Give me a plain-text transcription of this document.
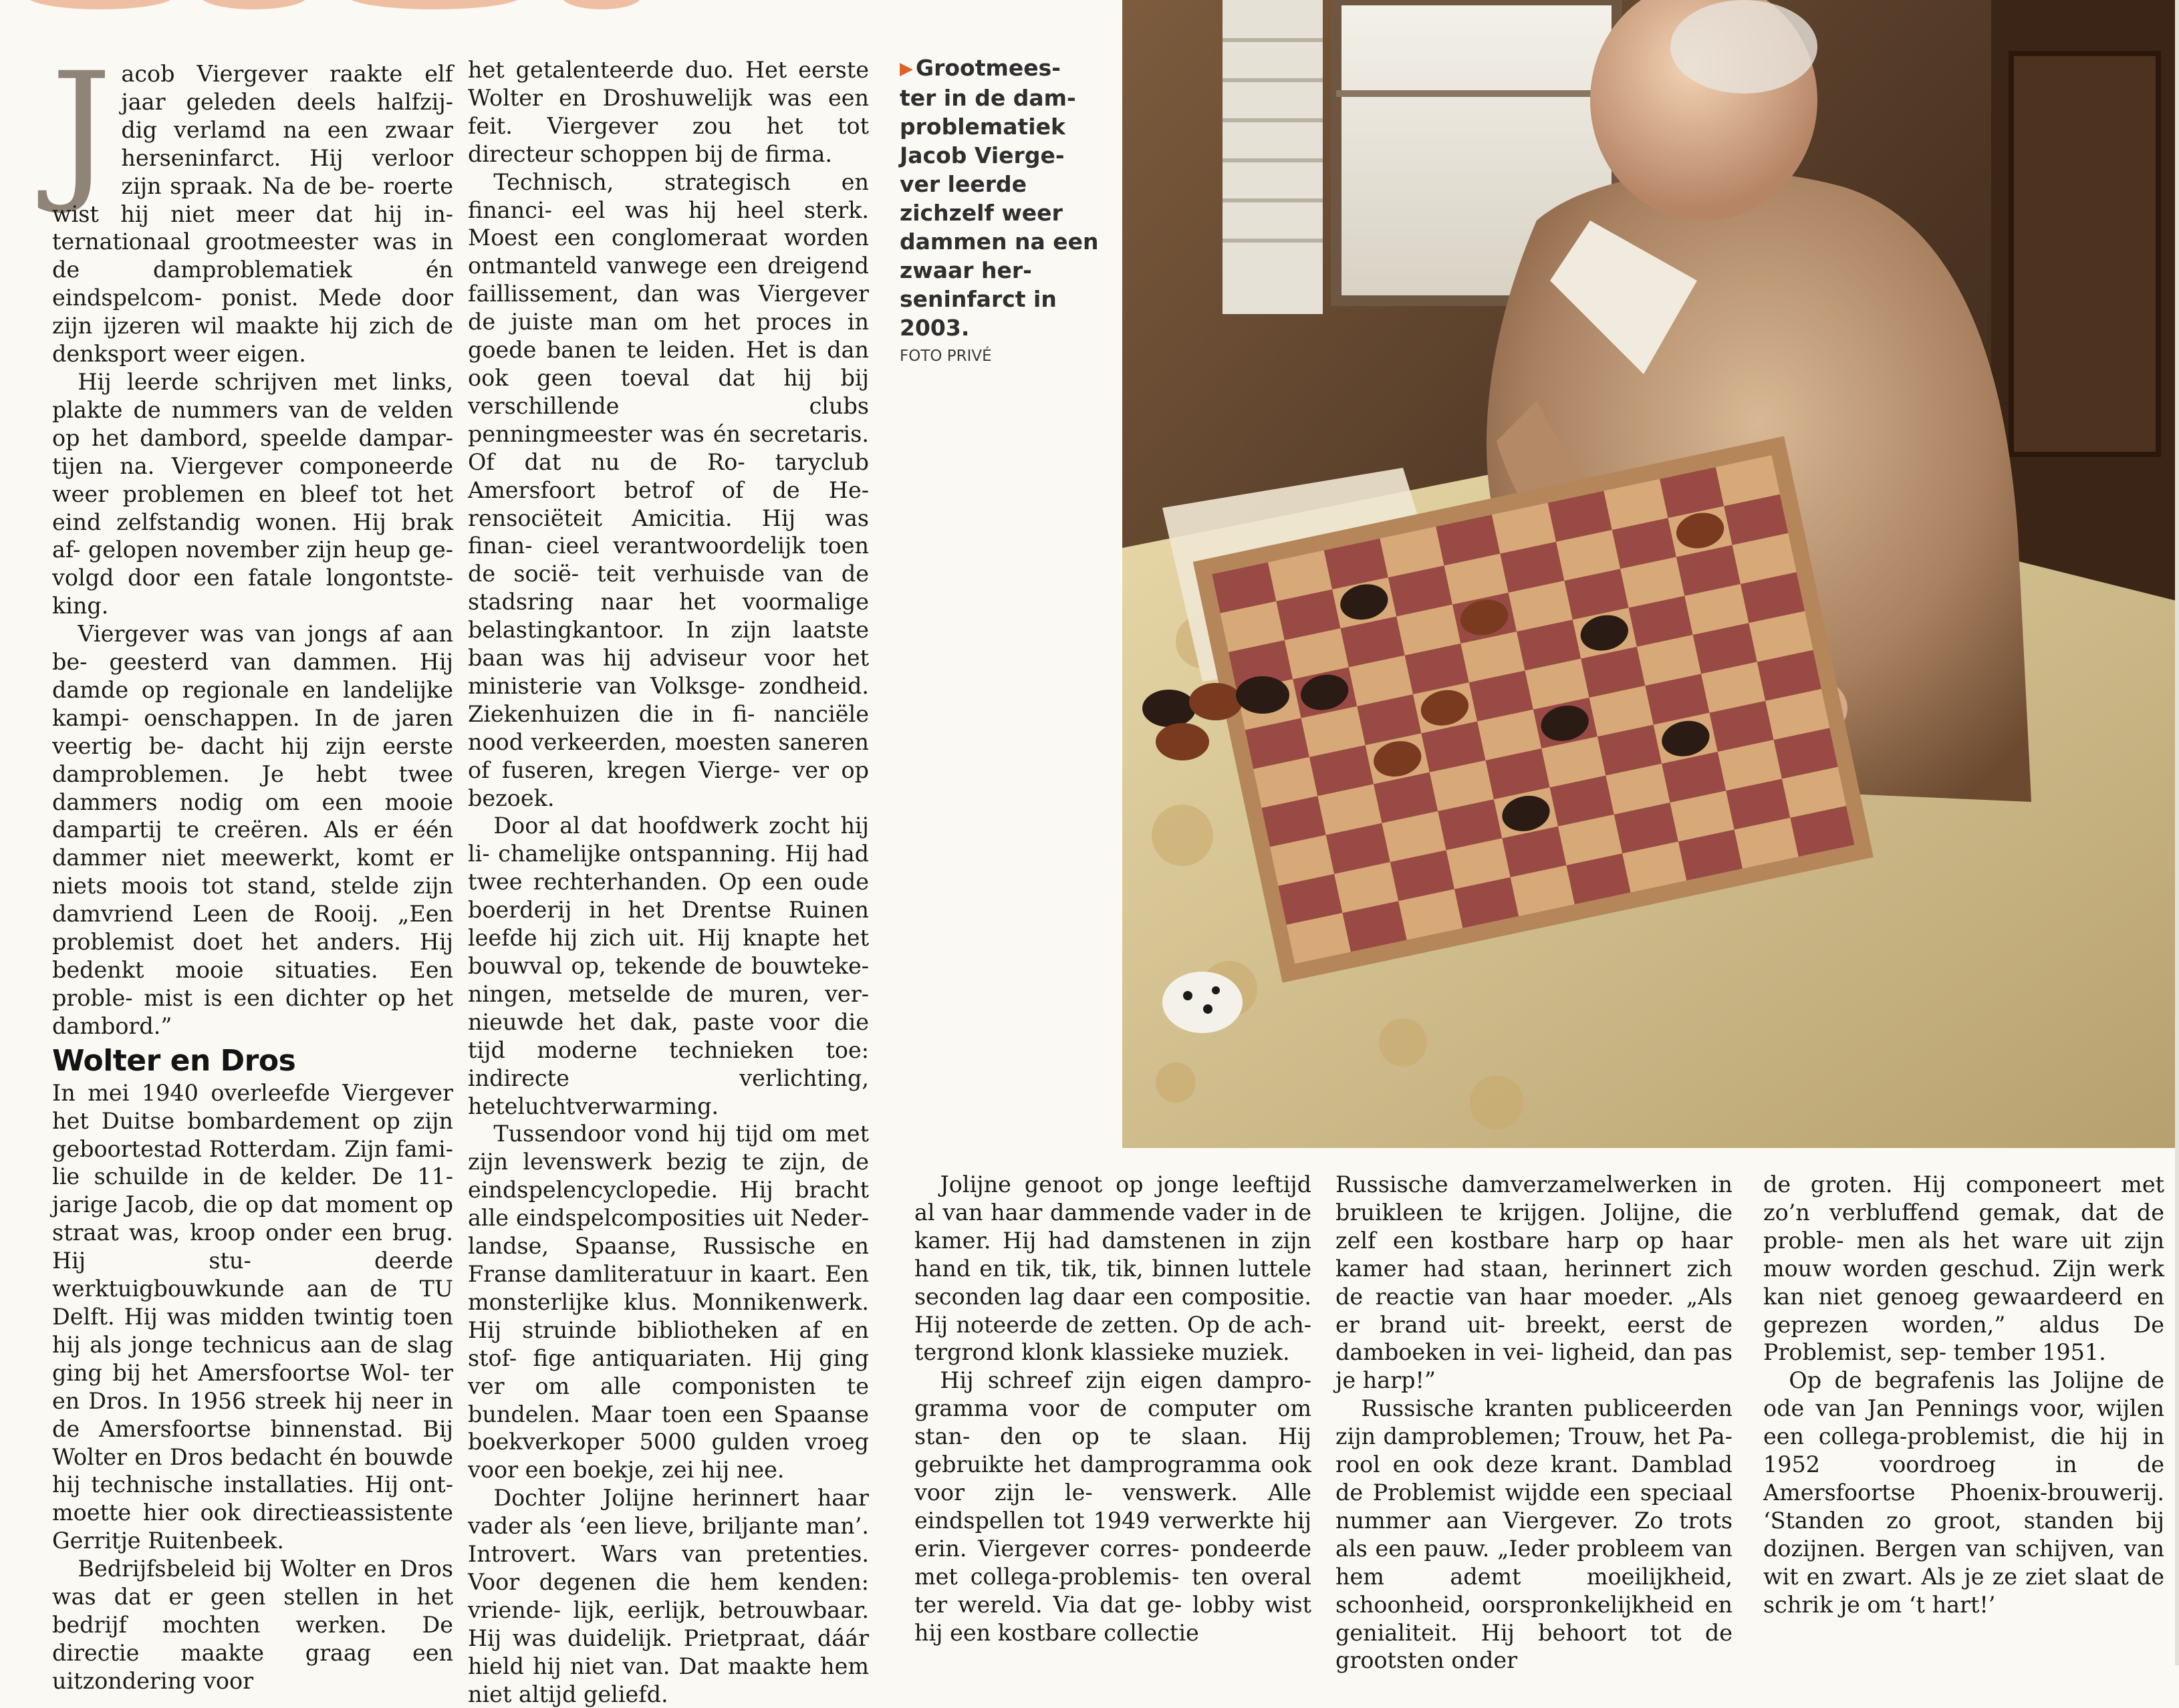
J acob Viergever raakte elf jaar geleden deels halfzij- dig verlamd na een zwaar herseninfarct. Hij verloor zijn spraak. Na de be- roerte wist hij niet meer dat hij in- ternationaal grootmeester was in de damproblematiek én eindspelcom- ponist. Mede door zijn ijzeren wil maakte hij zich de denksport weer eigen.

Hij leerde schrijven met links, plakte de nummers van de velden op het dambord, speelde dampar- tijen na. Viergever componeerde weer problemen en bleef tot het eind zelfstandig wonen. Hij brak af- gelopen november zijn heup ge- volgd door een fatale longontste- king.

Viergever was van jongs af aan be- geesterd van dammen. Hij damde op regionale en landelijke kampi- oenschappen. In de jaren veertig be- dacht hij zijn eerste damproblemen. Je hebt twee dammers nodig om een mooie dampartij te creëren. Als er één dammer niet meewerkt, komt er niets moois tot stand, stelde zijn damvriend Leen de Rooij. „Een problemist doet het anders. Hij bedenkt mooie situaties. Een proble- mist is een dichter op het dambord.”

Wolter en Dros

In mei 1940 overleefde Viergever het Duitse bombardement op zijn geboortestad Rotterdam. Zijn fami- lie schuilde in de kelder. De 11-jarige Jacob, die op dat moment op straat was, kroop onder een brug. Hij stu- deerde werktuigbouwkunde aan de TU Delft. Hij was midden twintig toen hij als jonge technicus aan de slag ging bij het Amersfoortse Wol- ter en Dros. In 1956 streek hij neer in de Amersfoortse binnenstad. Bij Wolter en Dros bedacht én bouwde hij technische installaties. Hij ont- moette hier ook directieassistente Gerritje Ruitenbeek.

Bedrijfsbeleid bij Wolter en Dros was dat er geen stellen in het bedrijf mochten werken. De directie maakte graag een uitzondering voor

het getalenteerde duo. Het eerste Wolter en Droshuwelijk was een feit. Viergever zou het tot directeur schoppen bij de firma.

Technisch, strategisch en financi- eel was hij heel sterk. Moest een conglomeraat worden ontmanteld vanwege een dreigend faillissement, dan was Viergever de juiste man om het proces in goede banen te leiden. Het is dan ook geen toeval dat hij bij verschillende clubs penningmeester was én secretaris. Of dat nu de Ro- taryclub Amersfoort betrof of de He- rensociëteit Amicitia. Hij was finan- cieel verantwoordelijk toen de socië- teit verhuisde van de stadsring naar het voormalige belastingkantoor. In zijn laatste baan was hij adviseur voor het ministerie van Volksge- zondheid. Ziekenhuizen die in fi- nanciële nood verkeerden, moesten saneren of fuseren, kregen Vierge- ver op bezoek.

Door al dat hoofdwerk zocht hij li- chamelijke ontspanning. Hij had twee rechterhanden. Op een oude boerderij in het Drentse Ruinen leefde hij zich uit. Hij knapte het bouwval op, tekende de bouwteke- ningen, metselde de muren, ver- nieuwde het dak, paste voor die tijd moderne technieken toe: indirecte verlichting, heteluchtverwarming.

Tussendoor vond hij tijd om met zijn levenswerk bezig te zijn, de eindspelencyclopedie. Hij bracht alle eindspelcomposities uit Neder- landse, Spaanse, Russische en Franse damliteratuur in kaart. Een monsterlijke klus. Monnikenwerk. Hij struinde bibliotheken af en stof- fige antiquariaten. Hij ging ver om alle componisten te bundelen. Maar toen een Spaanse boekverkoper 5000 gulden vroeg voor een boekje, zei hij nee.

Dochter Jolijne herinnert haar vader als ‘een lieve, briljante man’. Introvert. Wars van pretenties. Voor degenen die hem kenden: vriende- lijk, eerlijk, betrouwbaar. Hij was duidelijk. Prietpraat, dáár hield hij niet van. Dat maakte hem niet altijd geliefd.

▶ Grootmees- ter in de dam- problematiek Jacob Vierge- ver leerde zichzelf weer dammen na een zwaar her- seninfarct in 2003.
FOTO PRIVÉ

Jolijne genoot op jonge leeftijd al van haar dammende vader in de kamer. Hij had damstenen in zijn hand en tik, tik, tik, binnen luttele seconden lag daar een compositie. Hij noteerde de zetten. Op de ach- tergrond klonk klassieke muziek.

Hij schreef zijn eigen dampro- gramma voor de computer om stan- den op te slaan. Hij gebruikte het damprogramma ook voor zijn le- venswerk. Alle eindspellen tot 1949 verwerkte hij erin. Viergever corres- pondeerde met collega-problemis- ten overal ter wereld. Via dat ge- lobby wist hij een kostbare collectie

Russische damverzamelwerken in bruikleen te krijgen. Jolijne, die zelf een kostbare harp op haar kamer had staan, herinnert zich de reactie van haar moeder. „Als er brand uit- breekt, eerst de damboeken in vei- ligheid, dan pas je harp!”

Russische kranten publiceerden zijn damproblemen; Trouw, het Pa- rool en ook deze krant. Damblad de Problemist wijdde een speciaal nummer aan Viergever. Zo trots als een pauw. „Ieder probleem van hem ademt moeilijkheid, schoonheid, oorspronkelijkheid en genialiteit. Hij behoort tot de grootsten onder

de groten. Hij componeert met zo’n verbluffend gemak, dat de proble- men als het ware uit zijn mouw worden geschud. Zijn werk kan niet genoeg gewaardeerd en geprezen worden,” aldus De Problemist, sep- tember 1951.

Op de begrafenis las Jolijne de ode van Jan Pennings voor, wijlen een collega-problemist, die hij in 1952 voordroeg in de Amersfoortse Phoenix-brouwerij. ‘Standen zo groot, standen bij dozijnen. Bergen van schijven, van wit en zwart. Als je ze ziet slaat de schrik je om ‘t hart!’
